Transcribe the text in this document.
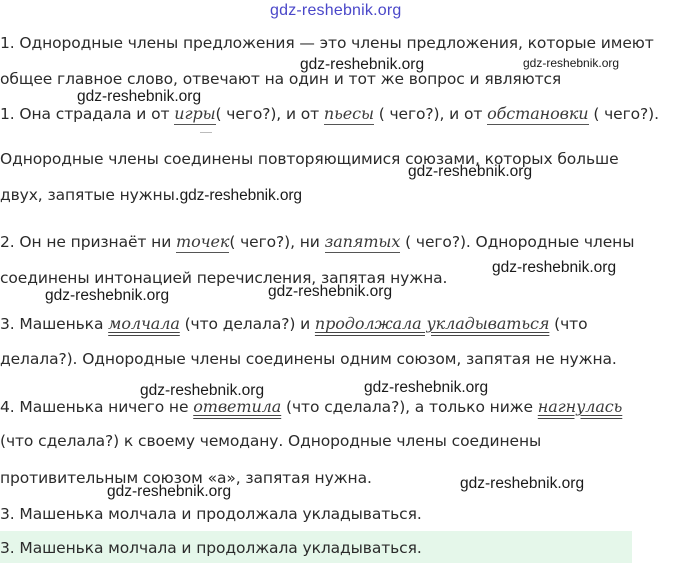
gdz-reshebnik.org
1. Однородные члены предложения — это члены предложения, которые имеют
gdz-reshebnik.org	gdz-reshebnik.org
общее главное слово, отвечают на один и тот же вопрос и являются
gdz-reshebnik.org
1. Она страдала и от игры( чего?), и от пьесы ( чего?), и от обстановки ( чего?).
Однородные члены соединены повторяющимися союзами, которых больше
gdz-reshebnik.org
двух, запятые нужны.gdz-reshebnik.org
2. Он не признаёт ни точек( чего?), ни запятых ( чего?). Однородные члены
gdz-reshebnik.org
соединены интонацией перечисления, запятая нужна.
gdz-reshebnik.org
gdz-reshebnik.org
3. Машенька молчала (что делала?) и продолжала укладываться (что
делала?). Однородные члены соединены одним союзом, запятая не нужна.
gdz-reshebnik.org	gdz-reshebnik.org
4. Машенька ничего не ответила (что сделала?), а только ниже нагнулась
(что сделала?) к своему чемодану. Однородные члены соединены
противительным союзом «а», запятая нужна.	gdz-reshebnik.org
gdz-reshebnik.org
3. Машенька молчала и продолжала укладываться.
3. Машенька молчала и продолжала укладываться.
